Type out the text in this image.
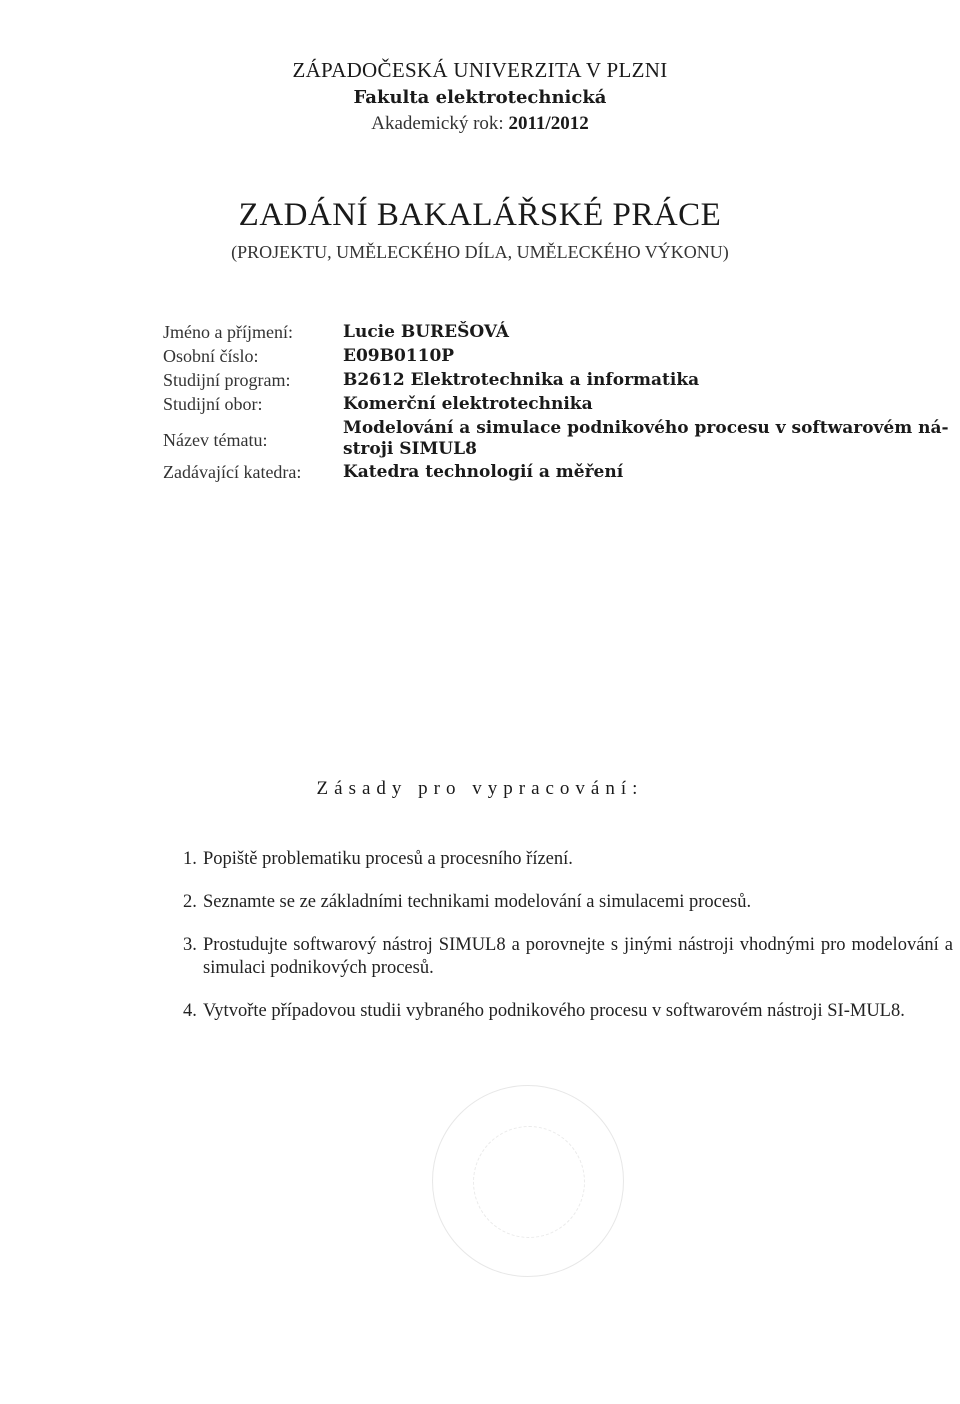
ZÁPADOČESKÁ UNIVERZITA V PLZNI
Fakulta elektrotechnická
Akademický rok: 2011/2012
ZADÁNÍ BAKALÁŘSKÉ PRÁCE
(PROJEKTU, UMĚLECKÉHO DÍLA, UMĚLECKÉHO VÝKONU)
Jméno a příjmení:	Lucie BUREŠOVÁ
Osobní číslo:	E09B0110P
Studijní program:	B2612 Elektrotechnika a informatika
Studijní obor:	Komerční elektrotechnika
Název tématu:
Modelování a simulace podnikového procesu v softwarovém ná-stroji SIMUL8
Zadávající katedra:	Katedra technologií a měření
Zásady pro vypracování:
1. Popiště problematiku procesů a procesního řízení.
2. Seznamte se ze základními technikami modelování a simulacemi procesů.
3. Prostudujte softwarový nástroj SIMUL8 a porovnejte s jinými nástroji vhodnými pro modelování a simulaci podnikových procesů.
4. Vytvořte případovou studii vybraného podnikového procesu v softwarovém nástroji SI-MUL8.
